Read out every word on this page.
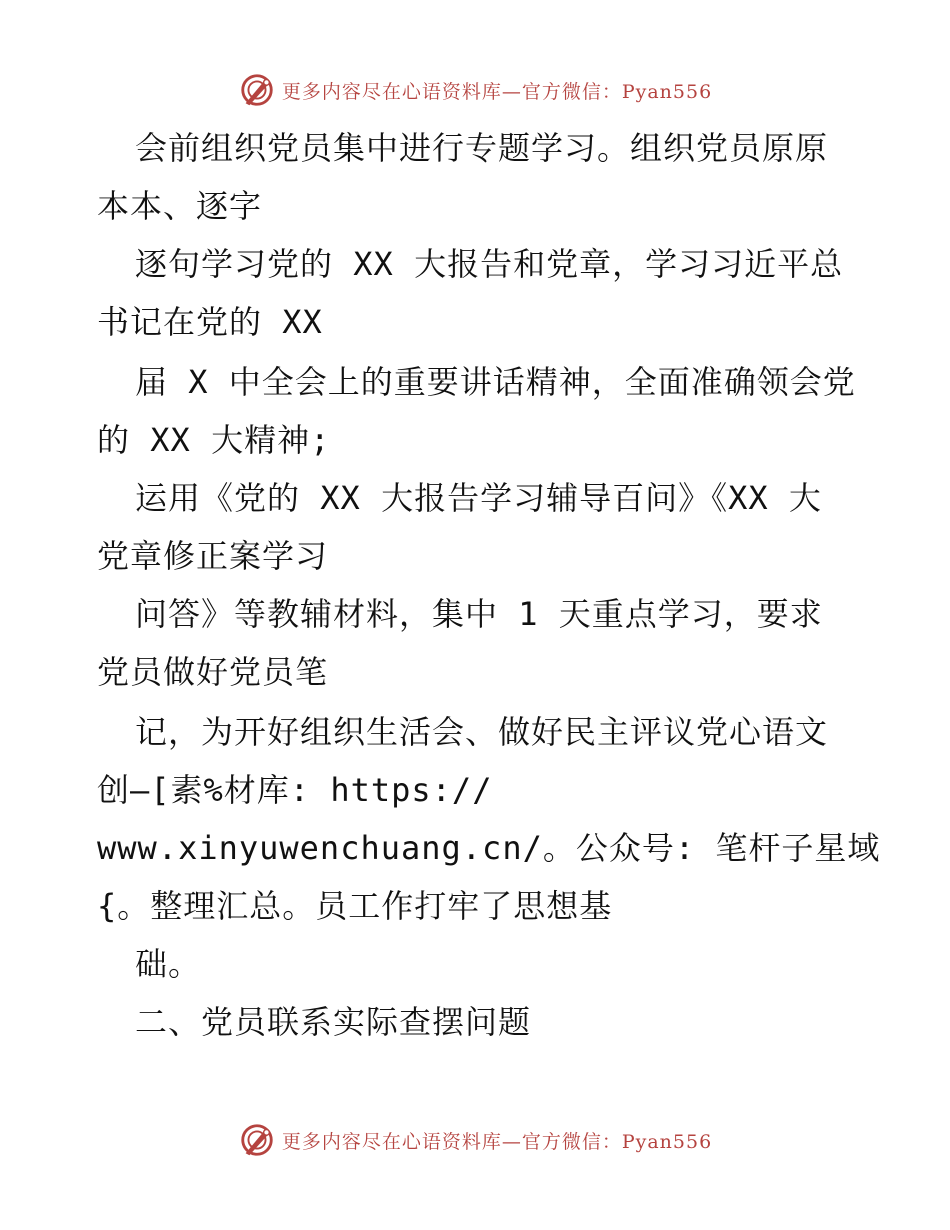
更多内容尽在心语资料库—官方微信：Pyan556
会前组织党员集中进行专题学习。组织党员原原
本本、逐字
逐句学习党的 XX 大报告和党章，学习习近平总
书记在党的 XX
届 X 中全会上的重要讲话精神，全面准确领会党
的 XX 大精神;
运用《党的 XX 大报告学习辅导百问》《XX 大
党章修正案学习
问答》等教辅材料，集中 1 天重点学习，要求
党员做好党员笔
记，为开好组织生活会、做好民主评议党心语文
创—[素%材库: https://
www.xinyuwenchuang.cn/。公众号: 笔杆子星域
{。整理汇总。员工作打牢了思想基
础。
二、党员联系实际查摆问题
更多内容尽在心语资料库—官方微信：Pyan556
